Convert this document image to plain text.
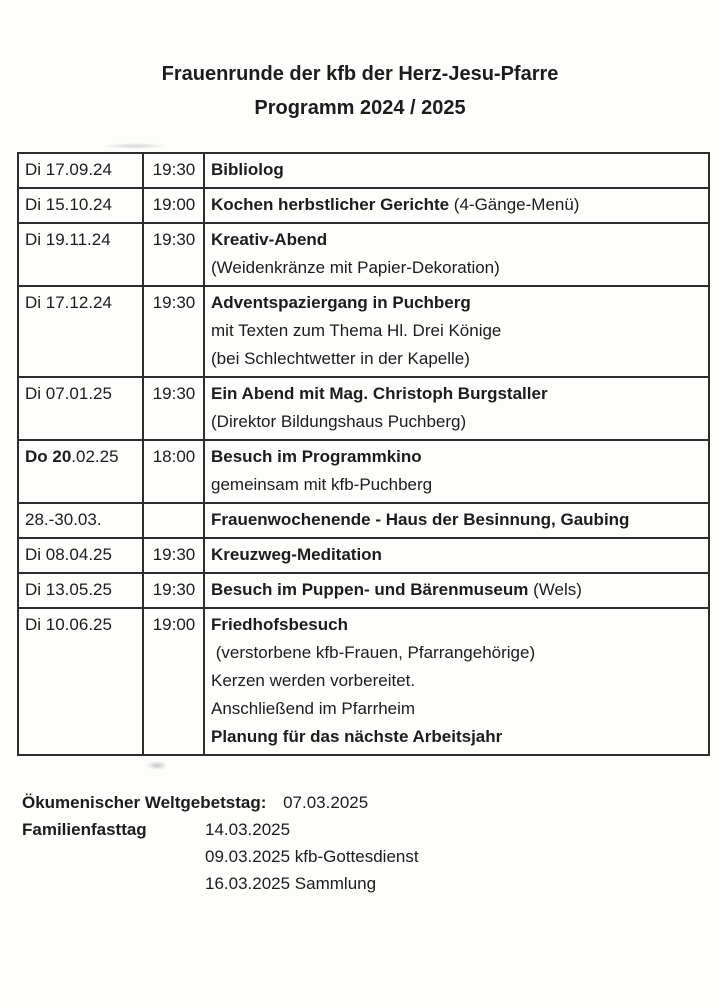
Frauenrunde der kfb der Herz-Jesu-Pfarre
Programm 2024 / 2025
Di 17.09.24	19:30	Bibliolog

Di 15.10.24	19:00	Kochen herbstlicher Gerichte (4-Gänge-Menü)

Di 19.11.24	19:30	Kreativ-Abend
(Weidenkränze mit Papier-Dekoration)

Di 17.12.24	19:30	Adventspaziergang in Puchberg
mit Texten zum Thema Hl. Drei Könige
(bei Schlechtwetter in der Kapelle)

Di 07.01.25	19:30	Ein Abend mit Mag. Christoph Burgstaller
(Direktor Bildungshaus Puchberg)

Do 20.02.25	18:00	Besuch im Programmkino
gemeinsam mit kfb-Puchberg

28.-30.03.		Frauenwochenende - Haus der Besinnung, Gaubing

Di 08.04.25	19:30	Kreuzweg-Meditation

Di 13.05.25	19:30	Besuch im Puppen- und Bärenmuseum (Wels)

Di 10.06.25	19:00	Friedhofsbesuch
(verstorbene kfb-Frauen, Pfarrangehörige)
Kerzen werden vorbereitet.
Anschließend im Pfarrheim
Planung für das nächste Arbeitsjahr
Ökumenischer Weltgebetstag: 07.03.2025
Familienfasttag	14.03.2025
09.03.2025 kfb-Gottesdienst
16.03.2025 Sammlung
